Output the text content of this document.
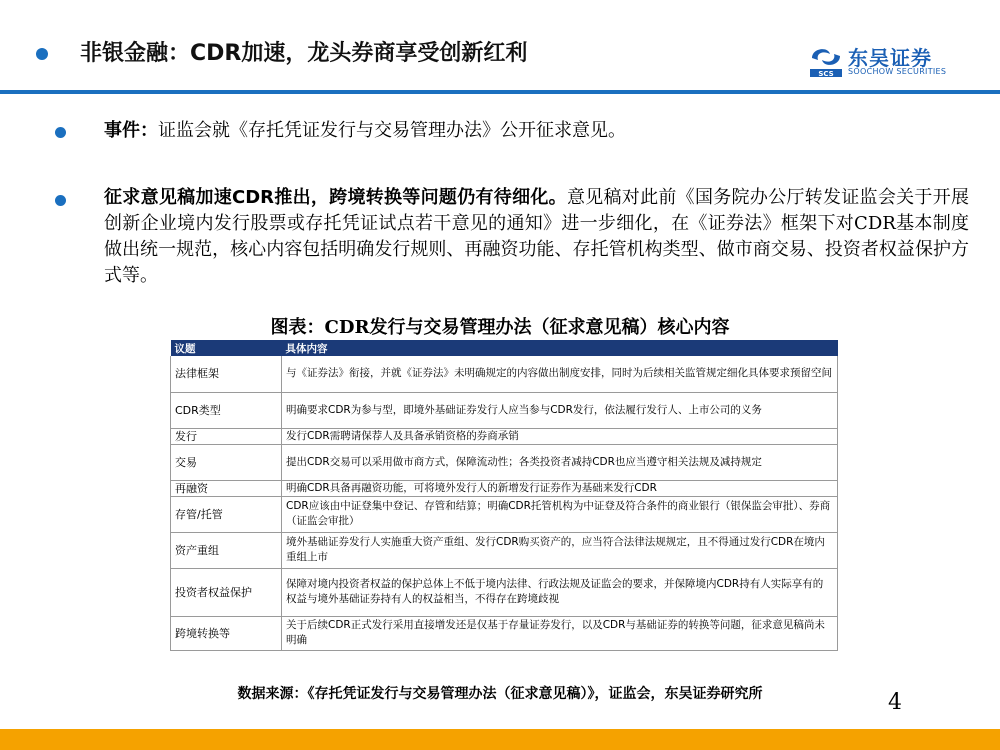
非银金融：CDR加速，龙头券商享受创新红利
SCS
东吴证券
SOOCHOW SECURITIES
事件：证监会就《存托凭证发行与交易管理办法》公开征求意见。
征求意见稿加速CDR推出，跨境转换等问题仍有待细化。意见稿对此前《国务院办公厅转发证监会关于开展创新企业境内发行股票或存托凭证试点若干意见的通知》进一步细化，在《证券法》框架下对CDR基本制度做出统一规范，核心内容包括明确发行规则、再融资功能、存托管机构类型、做市商交易、投资者权益保护方式等。
图表：CDR发行与交易管理办法（征求意见稿）核心内容
议题	具体内容
法律框架	与《证券法》衔接，并就《证券法》未明确规定的内容做出制度安排，同时为后续相关监管规定细化具体要求预留空间
CDR类型	明确要求CDR为参与型，即境外基础证券发行人应当参与CDR发行，依法履行发行人、上市公司的义务
发行	发行CDR需聘请保荐人及具备承销资格的券商承销
交易	提出CDR交易可以采用做市商方式，保障流动性；各类投资者减持CDR也应当遵守相关法规及减持规定
再融资	明确CDR具备再融资功能，可将境外发行人的新增发行证券作为基础来发行CDR
存管/托管	CDR应该由中证登集中登记、存管和结算；明确CDR托管机构为中证登及符合条件的商业银行（银保监会审批）、券商（证监会审批）
资产重组	境外基础证券发行人实施重大资产重组、发行CDR购买资产的，应当符合法律法规规定，且不得通过发行CDR在境内重组上市
投资者权益保护	保障对境内投资者权益的保护总体上不低于境内法律、行政法规及证监会的要求，并保障境内CDR持有人实际享有的权益与境外基础证券持有人的权益相当，不得存在跨境歧视
跨境转换等	关于后续CDR正式发行采用直接增发还是仅基于存量证券发行，以及CDR与基础证券的转换等问题，征求意见稿尚未明确
数据来源：《存托凭证发行与交易管理办法（征求意见稿）》，证监会，东吴证券研究所	4
